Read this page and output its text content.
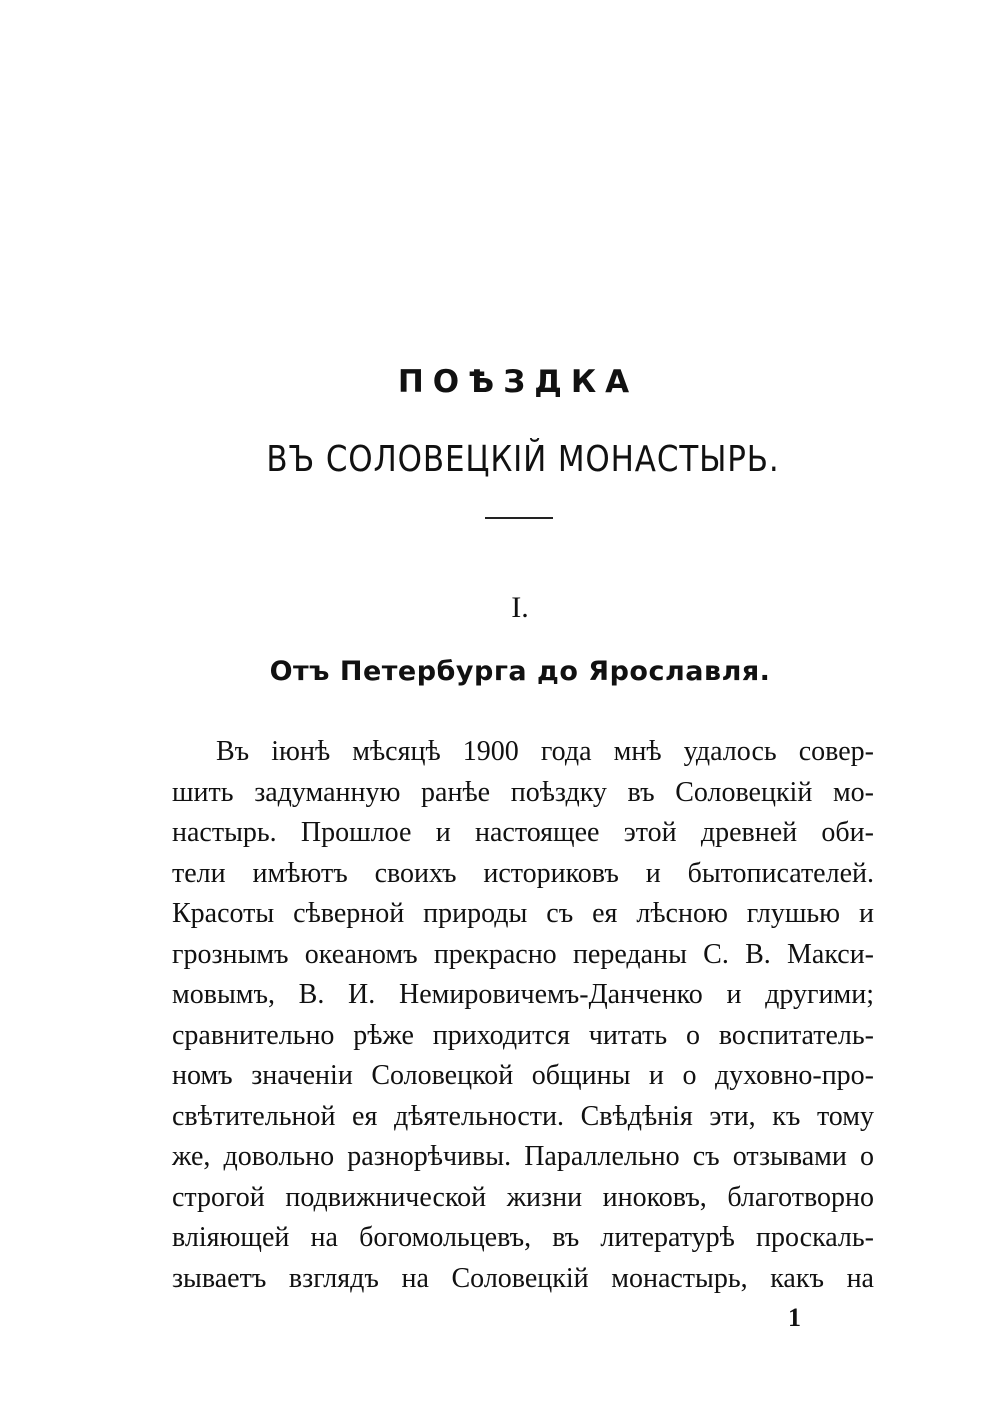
ПОѢЗДКА
ВЪ СОЛОВЕЦКІЙ МОНАСТЫРЬ.
I.
Отъ Петербурга до Ярославля.
Въ іюнѣ мѣсяцѣ 1900 года мнѣ удалось совер-
шить задуманную ранѣе поѣздку въ Соловецкій мо-
настырь. Прошлое и настоящее этой древней оби-
тели имѣютъ своихъ историковъ и бытописателей.
Красоты сѣверной природы съ ея лѣсною глушью и
грознымъ океаномъ прекрасно переданы С. В. Макси-
мовымъ, В. И. Немировичемъ-Данченко и другими;
сравнительно рѣже приходится читать о воспитатель-
номъ значеніи Соловецкой общины и о духовно-про-
свѣтительной ея дѣятельности. Свѣдѣнія эти, къ тому
же, довольно разнорѣчивы. Параллельно съ отзывами о
строгой подвижнической жизни иноковъ, благотворно
вліяющей на богомольцевъ, въ литературѣ проскаль-
зываетъ взглядъ на Соловецкій монастырь, какъ на
1
